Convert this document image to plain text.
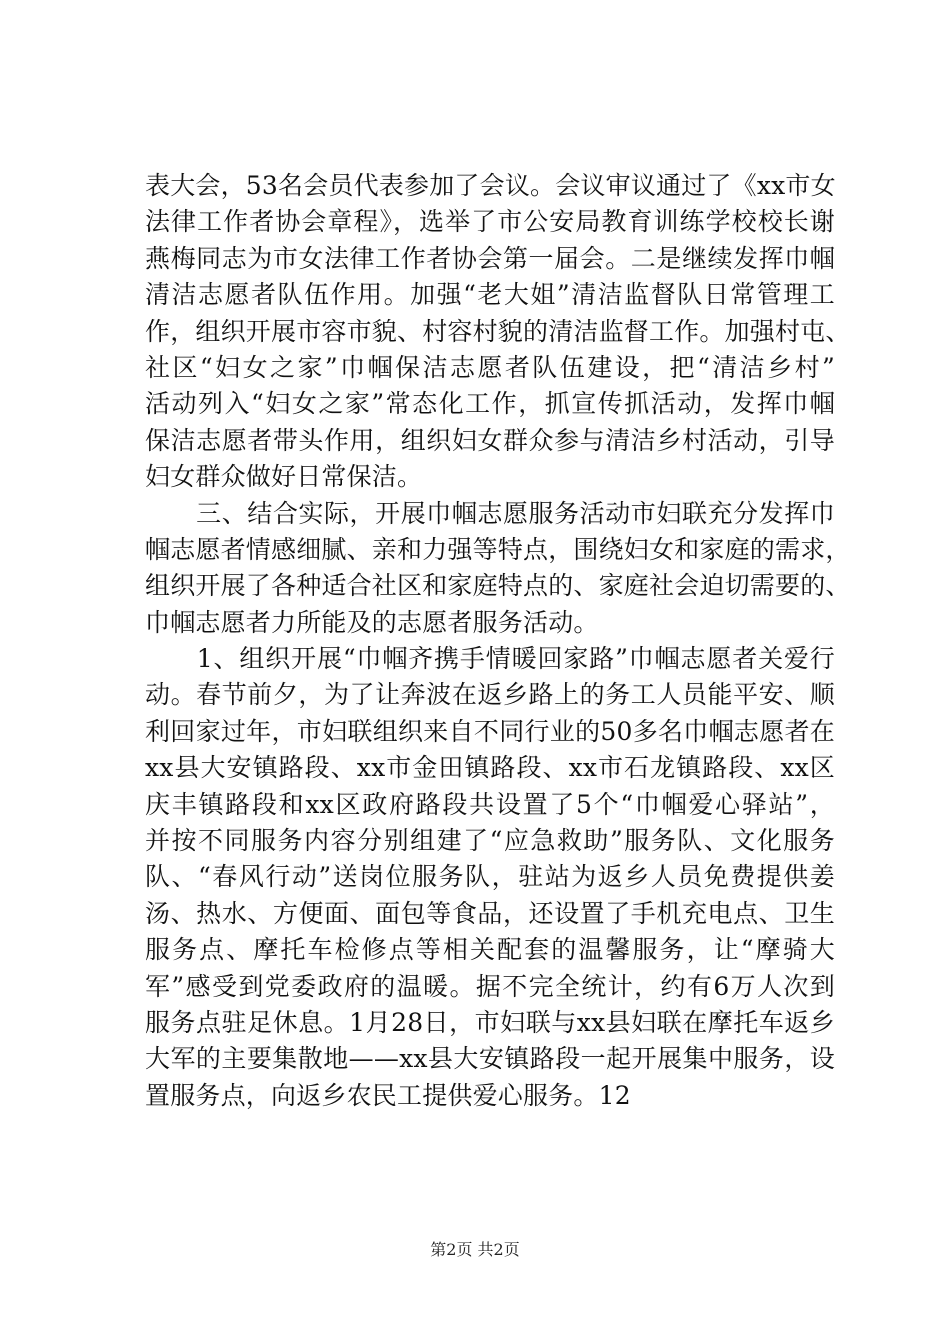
表大会，53名会员代表参加了会议。会议审议通过了《xx市女
法律工作者协会章程》，选举了市公安局教育训练学校校长谢
燕梅同志为市女法律工作者协会第一届会。二是继续发挥巾帼
清洁志愿者队伍作用。加强“老大姐”清洁监督队日常管理工
作，组织开展市容市貌、村容村貌的清洁监督工作。加强村屯、
社区“妇女之家”巾帼保洁志愿者队伍建设，把“清洁乡村”
活动列入“妇女之家”常态化工作，抓宣传抓活动，发挥巾帼
保洁志愿者带头作用，组织妇女群众参与清洁乡村活动，引导
妇女群众做好日常保洁。
　　三、结合实际，开展巾帼志愿服务活动市妇联充分发挥巾
帼志愿者情感细腻、亲和力强等特点，围绕妇女和家庭的需求，
组织开展了各种适合社区和家庭特点的、家庭社会迫切需要的、
巾帼志愿者力所能及的志愿者服务活动。
　　1、组织开展“巾帼齐携手情暖回家路”巾帼志愿者关爱行
动。春节前夕，为了让奔波在返乡路上的务工人员能平安、顺
利回家过年，市妇联组织来自不同行业的50多名巾帼志愿者在
xx县大安镇路段、xx市金田镇路段、xx市石龙镇路段、xx区
庆丰镇路段和xx区政府路段共设置了5个“巾帼爱心驿站”，
并按不同服务内容分别组建了“应急救助”服务队、文化服务
队、“春风行动”送岗位服务队，驻站为返乡人员免费提供姜
汤、热水、方便面、面包等食品，还设置了手机充电点、卫生
服务点、摩托车检修点等相关配套的温馨服务，让“摩骑大
军”感受到党委政府的温暖。据不完全统计，约有6万人次到
服务点驻足休息。1月28日，市妇联与xx县妇联在摩托车返乡
大军的主要集散地——xx县大安镇路段一起开展集中服务，设
置服务点，向返乡农民工提供爱心服务。12
第2页 共2页
